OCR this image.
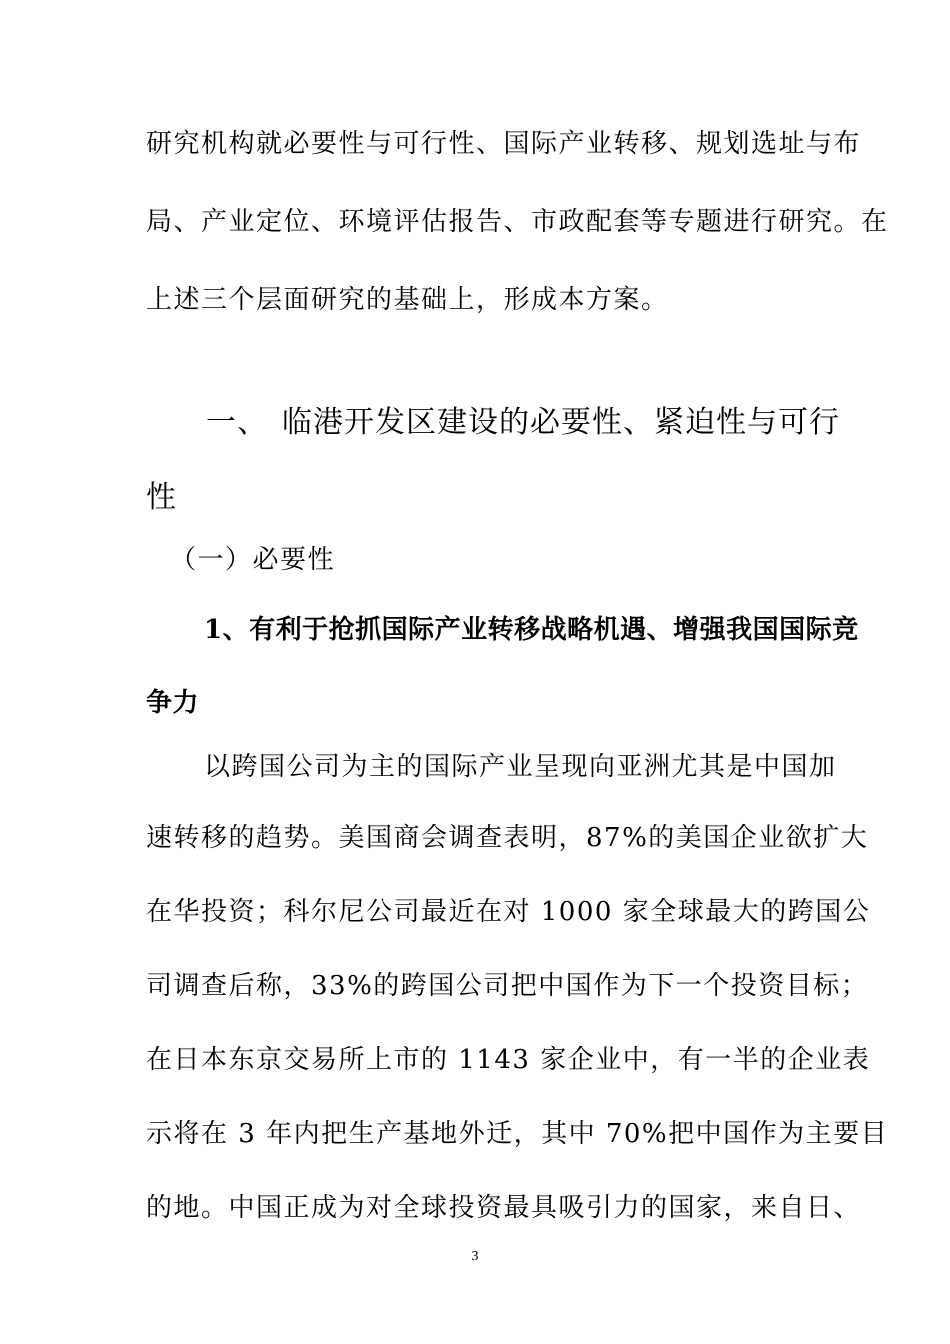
研究机构就必要性与可行性、国际产业转移、规划选址与布
局、产业定位、环境评估报告、市政配套等专题进行研究。在
上述三个层面研究的基础上，形成本方案。
一、 临港开发区建设的必要性、紧迫性与可行
性
（一）必要性
1、有利于抢抓国际产业转移战略机遇、增强我国国际竞
争力
以跨国公司为主的国际产业呈现向亚洲尤其是中国加
速转移的趋势。美国商会调查表明，87%的美国企业欲扩大
在华投资；科尔尼公司最近在对 1000 家全球最大的跨国公
司调查后称，33%的跨国公司把中国作为下一个投资目标；
在日本东京交易所上市的 1143 家企业中，有一半的企业表
示将在 3 年内把生产基地外迁，其中 70%把中国作为主要目
的地。中国正成为对全球投资最具吸引力的国家，来自日、
3
